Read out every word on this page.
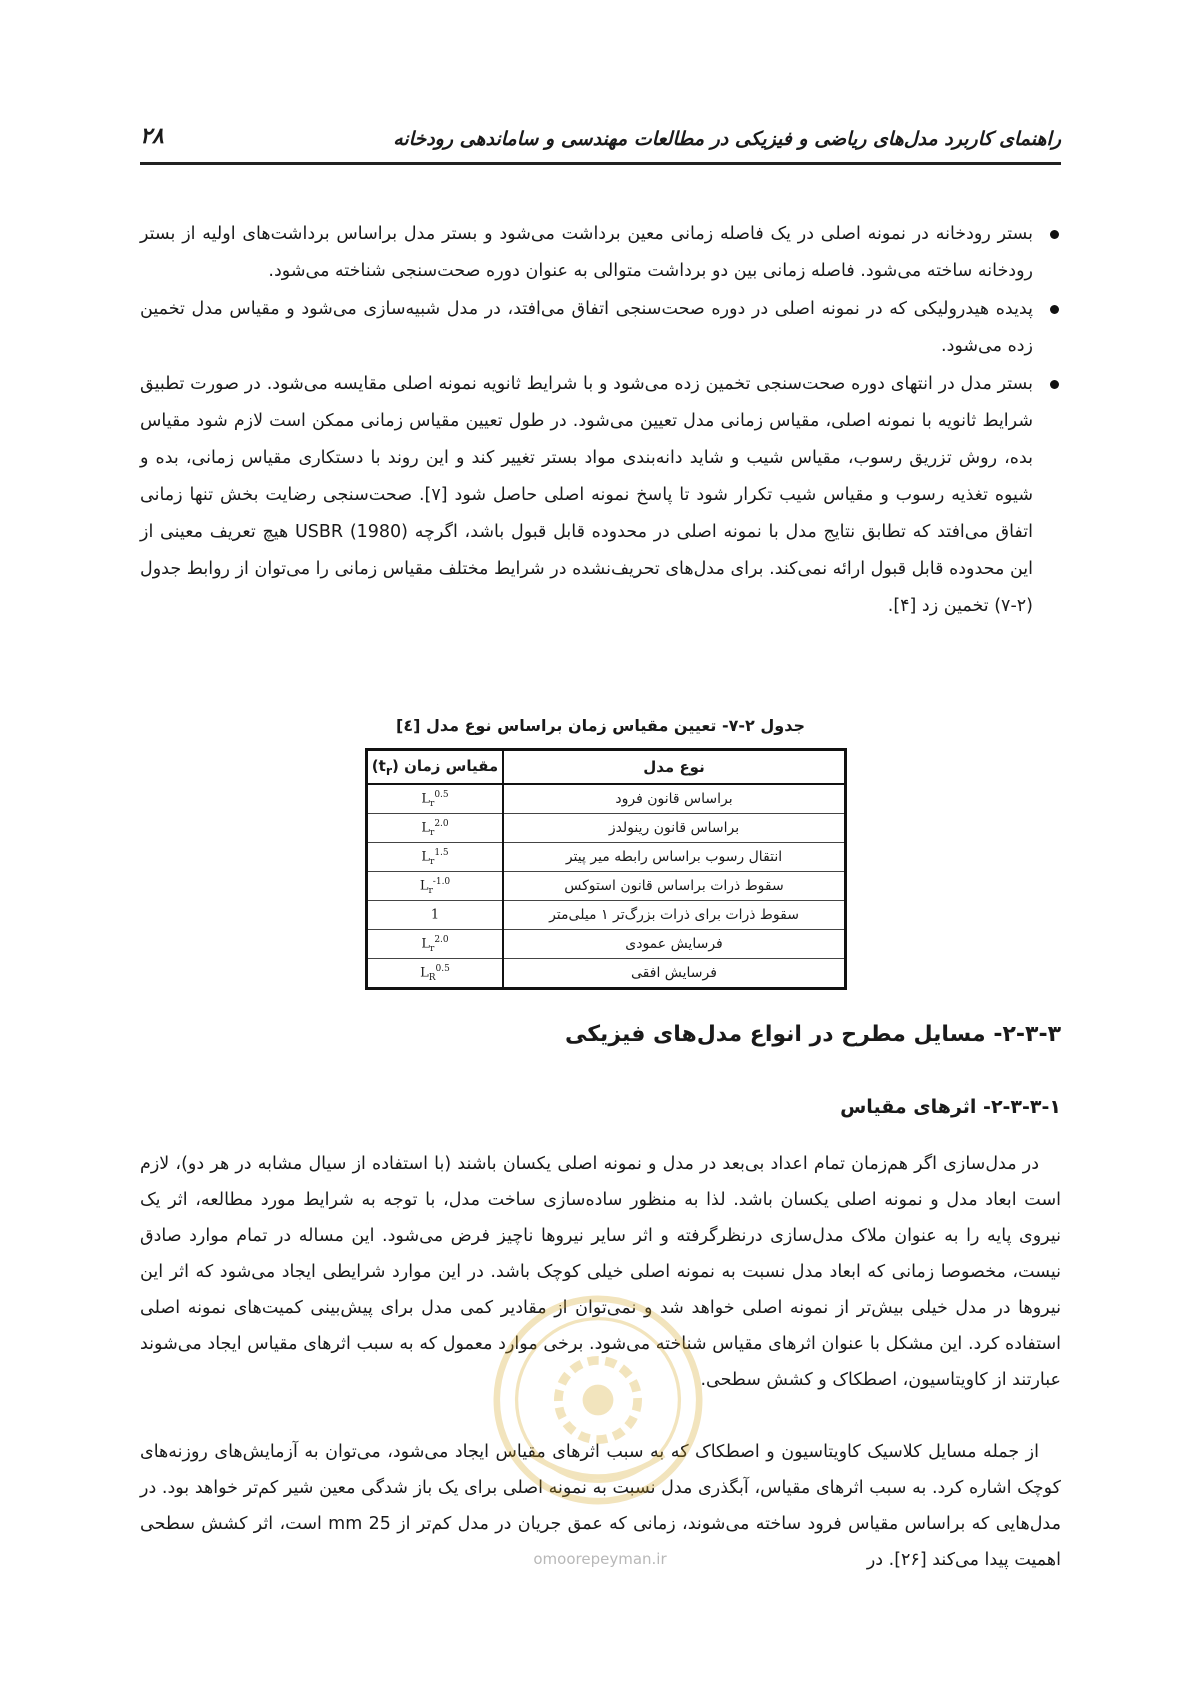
راهنمای کاربرد مدل‌های ریاضی و فیزیکی در مطالعات مهندسی و ساماندهی رودخانه
۲۸
بستر رودخانه در نمونه اصلی در یک فاصله زمانی معین برداشت می‌شود و بستر مدل براساس برداشت‌های اولیه از بستر رودخانه ساخته می‌شود. فاصله زمانی بین دو برداشت متوالی به عنوان دوره صحت‌سنجی شناخته می‌شود.
پدیده هیدرولیکی که در نمونه اصلی در دوره صحت‌سنجی اتفاق می‌افتد، در مدل شبیه‌سازی می‌شود و مقیاس مدل تخمین زده می‌شود.
بستر مدل در انتهای دوره صحت‌سنجی تخمین زده می‌شود و با شرایط ثانویه نمونه اصلی مقایسه می‌شود. در صورت تطبیق شرایط ثانویه با نمونه اصلی، مقیاس زمانی مدل تعیین می‌شود. در طول تعیین مقیاس زمانی ممکن است لازم شود مقیاس بده، روش تزریق رسوب، مقیاس شیب و شاید دانه‌بندی مواد بستر تغییر کند و این روند با دستکاری مقیاس زمانی، بده و شیوه تغذیه رسوب و مقیاس شیب تکرار شود تا پاسخ نمونه اصلی حاصل شود [۷]. صحت‌سنجی رضایت بخش تنها زمانی اتفاق می‌افتد که تطابق نتایج مدل با نمونه اصلی در محدوده قابل قبول باشد، اگرچه USBR (1980) هیچ تعریف معینی از این محدوده قابل قبول ارائه نمی‌کند. برای مدل‌های تحریف‌نشده در شرایط مختلف مقیاس زمانی را می‌توان از روابط جدول (۲-۷) تخمین زد [۴].
جدول ۲-۷- تعیین مقیاس زمان براساس نوع مدل [٤]
نوع مدل	مقیاس زمان $(t_r)$
براساس قانون فرود	$L_r^{0.5}$
براساس قانون رینولدز	$L_r^{2.0}$
انتقال رسوب براساس رابطه میر پیتر	$L_r^{1.5}$
سقوط ذرات براساس قانون استوکس	$L_r^{-1.0}$
سقوط ذرات برای ذرات بزرگ‌تر ۱ میلی‌متر	1
فرسایش عمودی	$L_r^{2.0}$
فرسایش افقی	$L_R^{0.5}$
۲-۳-۳- مسایل مطرح در انواع مدل‌های فیزیکی
۲-۳-۳-۱- اثرهای مقیاس

در مدل‌سازی اگر هم‌زمان تمام اعداد بی‌بعد در مدل و نمونه اصلی یکسان باشند (با استفاده از سیال مشابه در هر دو)، لازم است ابعاد مدل و نمونه اصلی یکسان باشد. لذا به منظور ساده‌سازی ساخت مدل، با توجه به شرایط مورد مطالعه، اثر یک نیروی پایه را به عنوان ملاک مدل‌سازی درنظرگرفته و اثر سایر نیروها ناچیز فرض می‌شود. این مساله در تمام موارد صادق نیست، مخصوصا زمانی که ابعاد مدل نسبت به نمونه اصلی خیلی کوچک باشد. در این موارد شرایطی ایجاد می‌شود که اثر این نیروها در مدل خیلی بیش‌تر از نمونه اصلی خواهد شد و نمی‌توان از مقادیر کمی مدل برای پیش‌بینی کمیت‌های نمونه اصلی استفاده کرد. این مشکل با عنوان اثرهای مقیاس شناخته می‌شود. برخی موارد معمول که به سبب اثرهای مقیاس ایجاد می‌شوند عبارتند از کاویتاسیون، اصطکاک و کشش سطحی.

از جمله مسایل کلاسیک کاویتاسیون و اصطکاک که به سبب اثرهای مقیاس ایجاد می‌شود، می‌توان به آزمایش‌های روزنه‌های کوچک اشاره کرد. به سبب اثرهای مقیاس، آبگذری مدل نسبت به نمونه اصلی برای یک باز شدگی معین شیر کم‌تر خواهد بود. در مدل‌هایی که براساس مقیاس فرود ساخته می‌شوند، زمانی که عمق جریان در مدل کم‌تر از 25 mm است، اثر کشش سطحی اهمیت پیدا می‌کند [۲۶]. در

omoorepeyman.ir
